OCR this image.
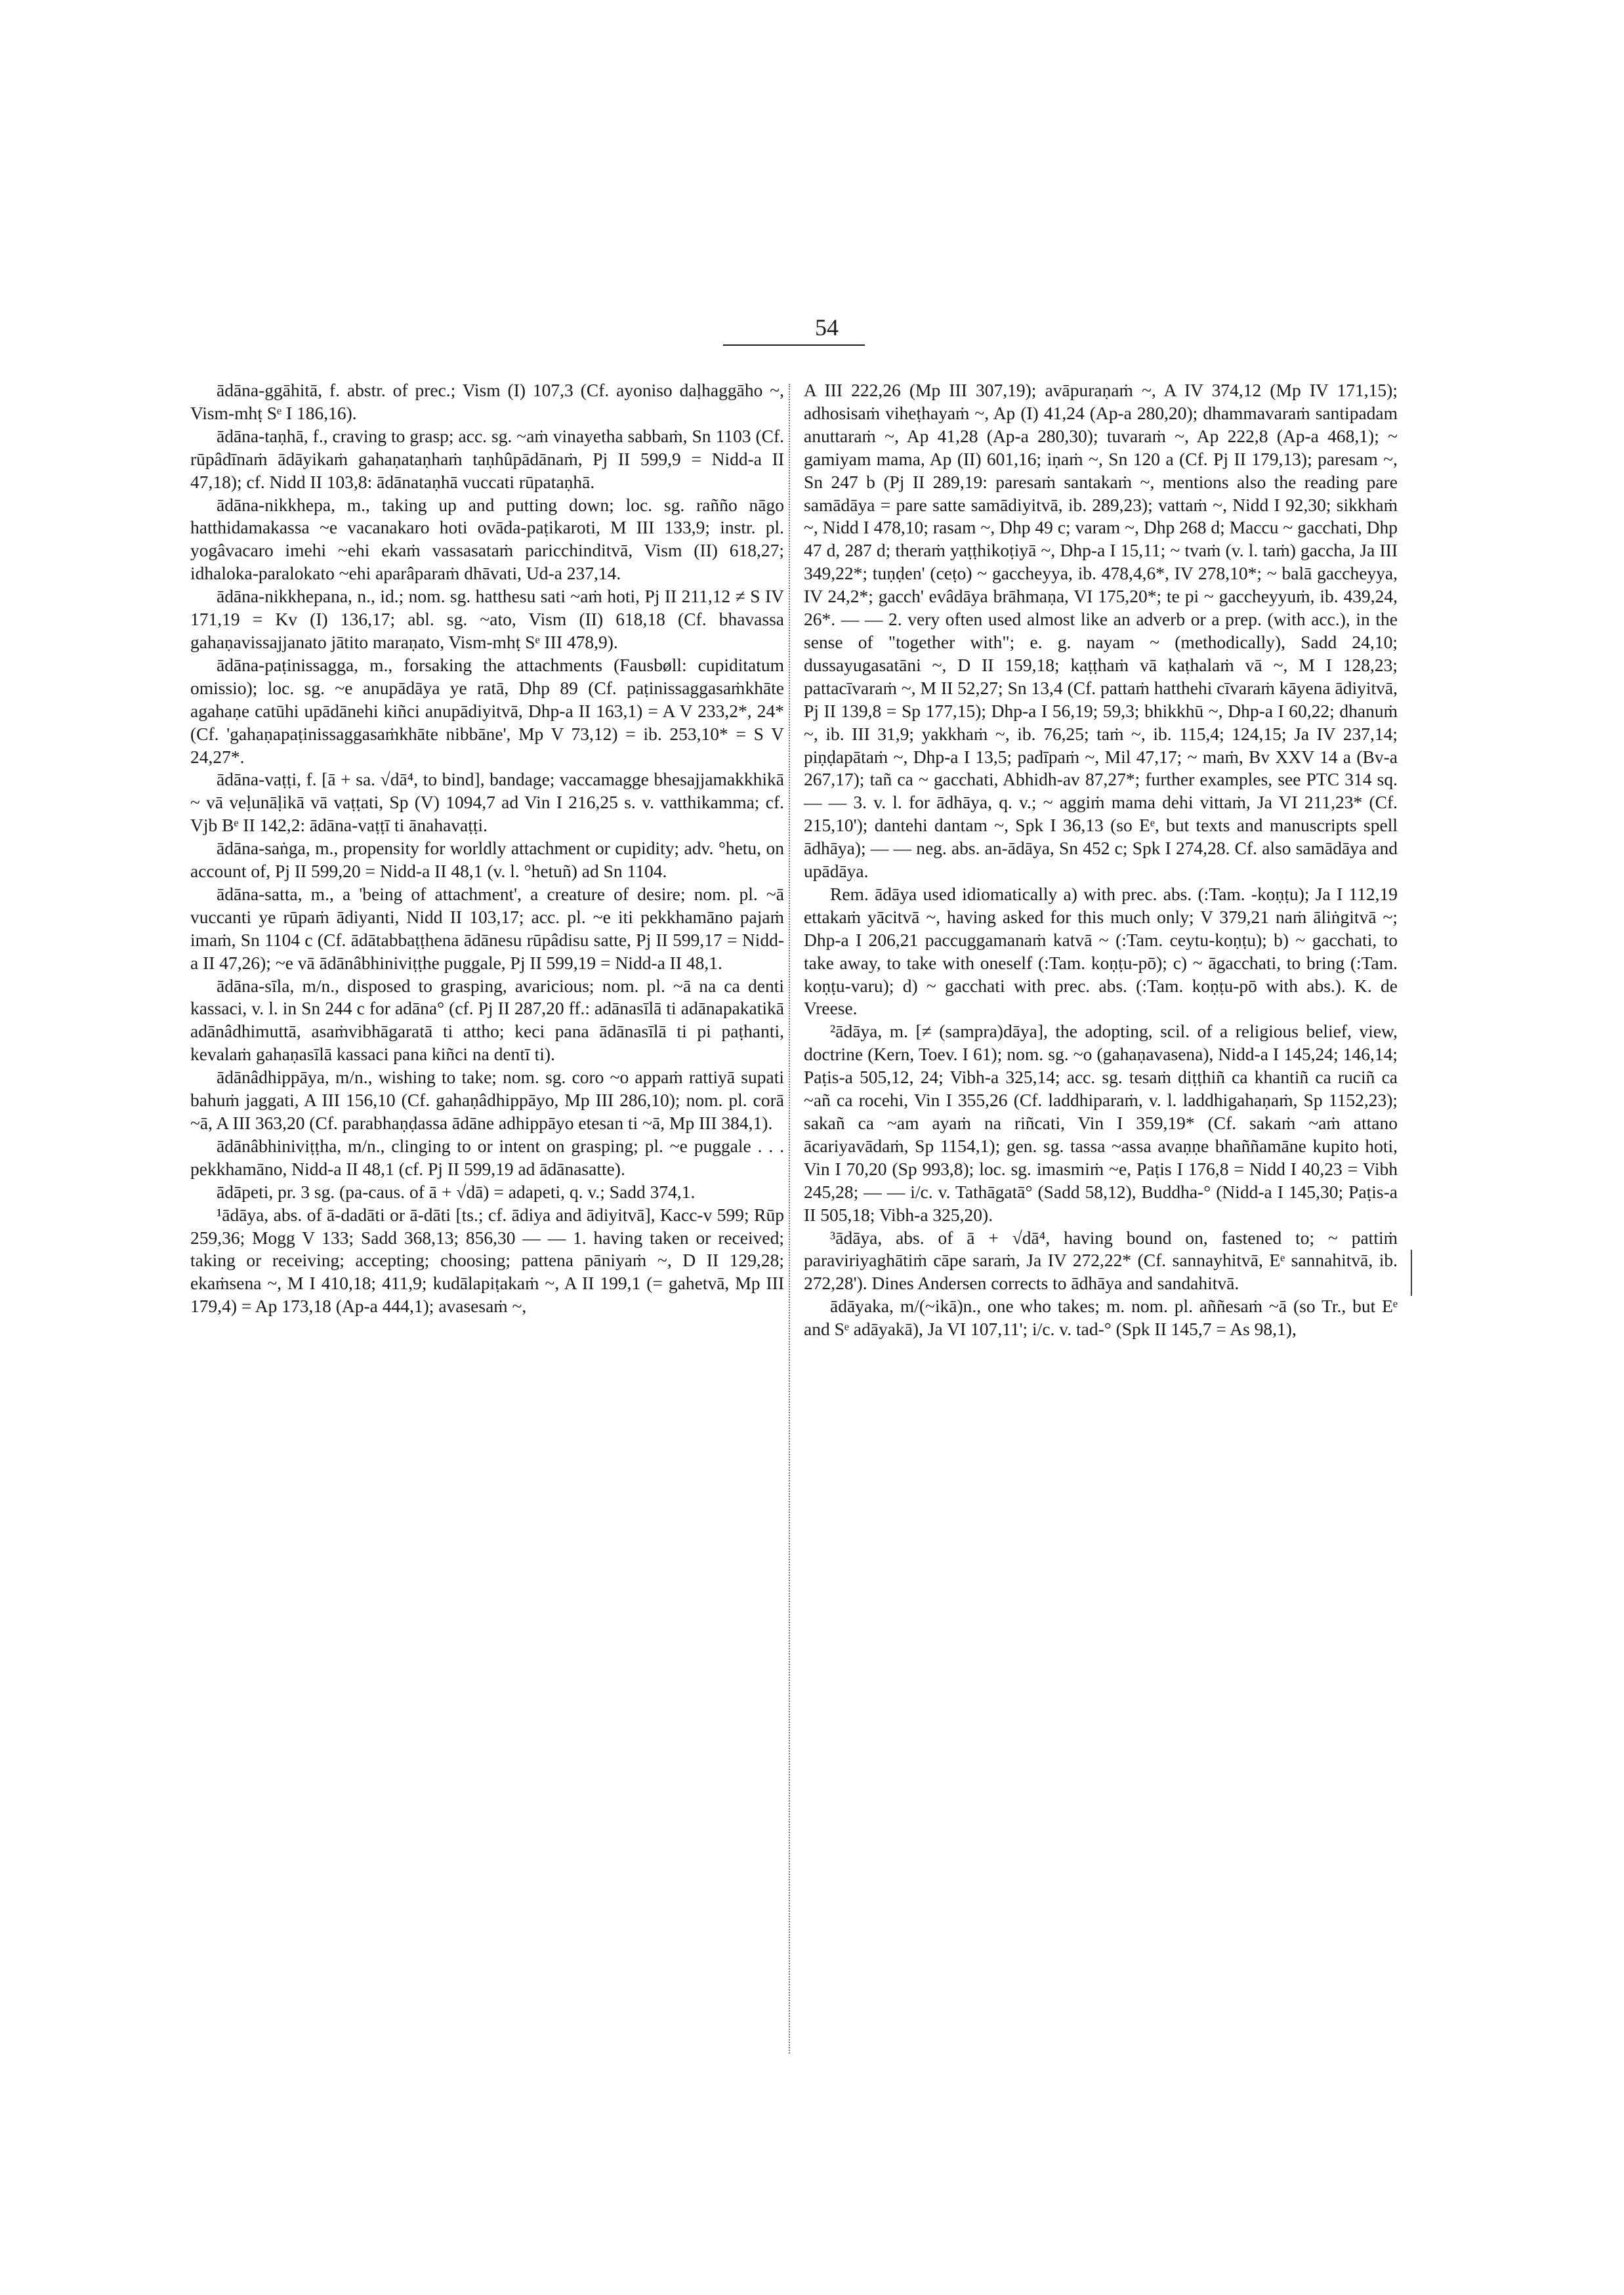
54

ādāna-ggāhitā, f. abstr. of prec.; Vism (I) 107,3 (Cf. ayoniso daḷhaggāho ~, Vism-mhṭ Sᵉ I 186,16).

ādāna-taṇhā, f., craving to grasp; acc. sg. ~aṁ vinayetha sabbaṁ, Sn 1103 (Cf. rūpâdīnaṁ ādāyikaṁ gahaṇataṇhaṁ taṇhûpādānaṁ, Pj II 599,9 = Nidd-a II 47,18); cf. Nidd II 103,8: ādānataṇhā vuccati rūpataṇhā.

ādāna-nikkhepa, m., taking up and putting down; loc. sg. rañño nāgo hatthidamakassa ~e vacanakaro hoti ovāda-paṭikaroti, M III 133,9; instr. pl. yogâvacaro imehi ~ehi ekaṁ vassasataṁ paricchinditvā, Vism (II) 618,27; idhaloka-paralokato ~ehi aparâparaṁ dhāvati, Ud-a 237,14.

ādāna-nikkhepana, n., id.; nom. sg. hatthesu sati ~aṁ hoti, Pj II 211,12 ≠ S IV 171,19 = Kv (I) 136,17; abl. sg. ~ato, Vism (II) 618,18 (Cf. bhavassa gahaṇavissajjanato jātito maraṇato, Vism-mhṭ Sᵉ III 478,9).

ādāna-paṭinissagga, m., forsaking the attachments (Fausbøll: cupiditatum omissio); loc. sg. ~e anupādāya ye ratā, Dhp 89 (Cf. paṭinissaggasaṁkhāte agahaṇe catūhi upādānehi kiñci anupādiyitvā, Dhp-a II 163,1) = A V 233,2*, 24* (Cf. 'gahaṇapaṭinissaggasaṁkhāte nibbāne', Mp V 73,12) = ib. 253,10* = S V 24,27*.

ādāna-vaṭṭi, f. [ā + sa. √dā⁴, to bind], bandage; vaccamagge bhesajjamakkhikā ~ vā veḷunāḷikā vā vaṭṭati, Sp (V) 1094,7 ad Vin I 216,25 s. v. vatthikamma; cf. Vjb Bᵉ II 142,2: ādāna-vaṭṭī ti ānahavaṭṭi.

ādāna-saṅga, m., propensity for worldly attachment or cupidity; adv. °hetu, on account of, Pj II 599,20 = Nidd-a II 48,1 (v. l. °hetuñ) ad Sn 1104.

ādāna-satta, m., a 'being of attachment', a creature of desire; nom. pl. ~ā vuccanti ye rūpaṁ ādiyanti, Nidd II 103,17; acc. pl. ~e iti pekkhamāno pajaṁ imaṁ, Sn 1104 c (Cf. ādātabbaṭṭhena ādānesu rūpâdisu satte, Pj II 599,17 = Nidd-a II 47,26); ~e vā ādānâbhiniviṭṭhe puggale, Pj II 599,19 = Nidd-a II 48,1.

ādāna-sīla, m/n., disposed to grasping, avaricious; nom. pl. ~ā na ca denti kassaci, v. l. in Sn 244 c for adāna° (cf. Pj II 287,20 ff.: adānasīlā ti adānapakatikā adānâdhimuttā, asaṁvibhāgaratā ti attho; keci pana ādānasīlā ti pi paṭhanti, kevalaṁ gahaṇasīlā kassaci pana kiñci na dentī ti).

ādānâdhippāya, m/n., wishing to take; nom. sg. coro ~o appaṁ rattiyā supati bahuṁ jaggati, A III 156,10 (Cf. gahaṇâdhippāyo, Mp III 286,10); nom. pl. corā ~ā, A III 363,20 (Cf. parabhaṇḍassa ādāne adhippāyo etesan ti ~ā, Mp III 384,1).

ādānâbhiniviṭṭha, m/n., clinging to or intent on grasping; pl. ~e puggale . . . pekkhamāno, Nidd-a II 48,1 (cf. Pj II 599,19 ad ādānasatte).

ādāpeti, pr. 3 sg. (pa-caus. of ā + √dā) = adapeti, q. v.; Sadd 374,1.

¹ādāya, abs. of ā-dadāti or ā-dāti [ts.; cf. ādiya and ādiyitvā], Kacc-v 599; Rūp 259,36; Mogg V 133; Sadd 368,13; 856,30 — — 1. having taken or received; taking or receiving; accepting; choosing; pattena pāniyaṁ ~, D II 129,28; ekaṁsena ~, M I 410,18; 411,9; kudālapiṭakaṁ ~, A II 199,1 (= gahetvā, Mp III 179,4) = Ap 173,18 (Ap-a 444,1); avasesaṁ ~,

A III 222,26 (Mp III 307,19); avāpuraṇaṁ ~, A IV 374,12 (Mp IV 171,15); adhosisaṁ viheṭhayaṁ ~, Ap (I) 41,24 (Ap-a 280,20); dhammavaraṁ santipadam anuttaraṁ ~, Ap 41,28 (Ap-a 280,30); tuvaraṁ ~, Ap 222,8 (Ap-a 468,1); ~ gamiyam mama, Ap (II) 601,16; iṇaṁ ~, Sn 120 a (Cf. Pj II 179,13); paresam ~, Sn 247 b (Pj II 289,19: paresaṁ santakaṁ ~, mentions also the reading pare samādāya = pare satte samādiyitvā, ib. 289,23); vattaṁ ~, Nidd I 92,30; sikkhaṁ ~, Nidd I 478,10; rasam ~, Dhp 49 c; varam ~, Dhp 268 d; Maccu ~ gacchati, Dhp 47 d, 287 d; theraṁ yaṭṭhikoṭiyā ~, Dhp-a I 15,11; ~ tvaṁ (v. l. taṁ) gaccha, Ja III 349,22*; tuṇḍen' (ceṭo) ~ gaccheyya, ib. 478,4,6*, IV 278,10*; ~ balā gaccheyya, IV 24,2*; gacch' evâdāya brāhmaṇa, VI 175,20*; te pi ~ gaccheyyuṁ, ib. 439,24, 26*. — — 2. very often used almost like an adverb or a prep. (with acc.), in the sense of "together with"; e. g. nayam ~ (methodically), Sadd 24,10; dussayugasatāni ~, D II 159,18; kaṭṭhaṁ vā kaṭhalaṁ vā ~, M I 128,23; pattacīvaraṁ ~, M II 52,27; Sn 13,4 (Cf. pattaṁ hatthehi cīvaraṁ kāyena ādiyitvā, Pj II 139,8 = Sp 177,15); Dhp-a I 56,19; 59,3; bhikkhū ~, Dhp-a I 60,22; dhanuṁ ~, ib. III 31,9; yakkhaṁ ~, ib. 76,25; taṁ ~, ib. 115,4; 124,15; Ja IV 237,14; piṇḍapātaṁ ~, Dhp-a I 13,5; padīpaṁ ~, Mil 47,17; ~ maṁ, Bv XXV 14 a (Bv-a 267,17); tañ ca ~ gacchati, Abhidh-av 87,27*; further examples, see PTC 314 sq. — — 3. v. l. for ādhāya, q. v.; ~ aggiṁ mama dehi vittaṁ, Ja VI 211,23* (Cf. 215,10'); dantehi dantam ~, Spk I 36,13 (so Eᵉ, but texts and manuscripts spell ādhāya); — — neg. abs. an-ādāya, Sn 452 c; Spk I 274,28. Cf. also samādāya and upādāya.

Rem. ādāya used idiomatically a) with prec. abs. (:Tam. -koṇṭu); Ja I 112,19 ettakaṁ yācitvā ~, having asked for this much only; V 379,21 naṁ āliṅgitvā ~; Dhp-a I 206,21 paccuggamanaṁ katvā ~ (:Tam. ceytu-koṇṭu); b) ~ gacchati, to take away, to take with oneself (:Tam. koṇṭu-pō); c) ~ āgacchati, to bring (:Tam. koṇṭu-varu); d) ~ gacchati with prec. abs. (:Tam. koṇṭu-pō with abs.). K. de Vreese.

²ādāya, m. [≠ (sampra)dāya], the adopting, scil. of a religious belief, view, doctrine (Kern, Toev. I 61); nom. sg. ~o (gahaṇavasena), Nidd-a I 145,24; 146,14; Paṭis-a 505,12, 24; Vibh-a 325,14; acc. sg. tesaṁ diṭṭhiñ ca khantiñ ca ruciñ ca ~añ ca rocehi, Vin I 355,26 (Cf. laddhiparaṁ, v. l. laddhigahaṇaṁ, Sp 1152,23); sakañ ca ~am ayaṁ na riñcati, Vin I 359,19* (Cf. sakaṁ ~aṁ attano ācariyavādaṁ, Sp 1154,1); gen. sg. tassa ~assa avaṇṇe bhaññamāne kupito hoti, Vin I 70,20 (Sp 993,8); loc. sg. imasmiṁ ~e, Paṭis I 176,8 = Nidd I 40,23 = Vibh 245,28; — — i/c. v. Tathāgatā° (Sadd 58,12), Buddha-° (Nidd-a I 145,30; Paṭis-a II 505,18; Vibh-a 325,20).

³ādāya, abs. of ā + √dā⁴, having bound on, fastened to; ~ pattiṁ paraviriyaghātiṁ cāpe saraṁ, Ja IV 272,22* (Cf. sannayhitvā, Eᵉ sannahitvā, ib. 272,28'). Dines Andersen corrects to ādhāya and sandahitvā.

ādāyaka, m/(~ikā)n., one who takes; m. nom. pl. aññesaṁ ~ā (so Tr., but Eᵉ and Sᵉ adāyakā), Ja VI 107,11'; i/c. v. tad-° (Spk II 145,7 = As 98,1),
